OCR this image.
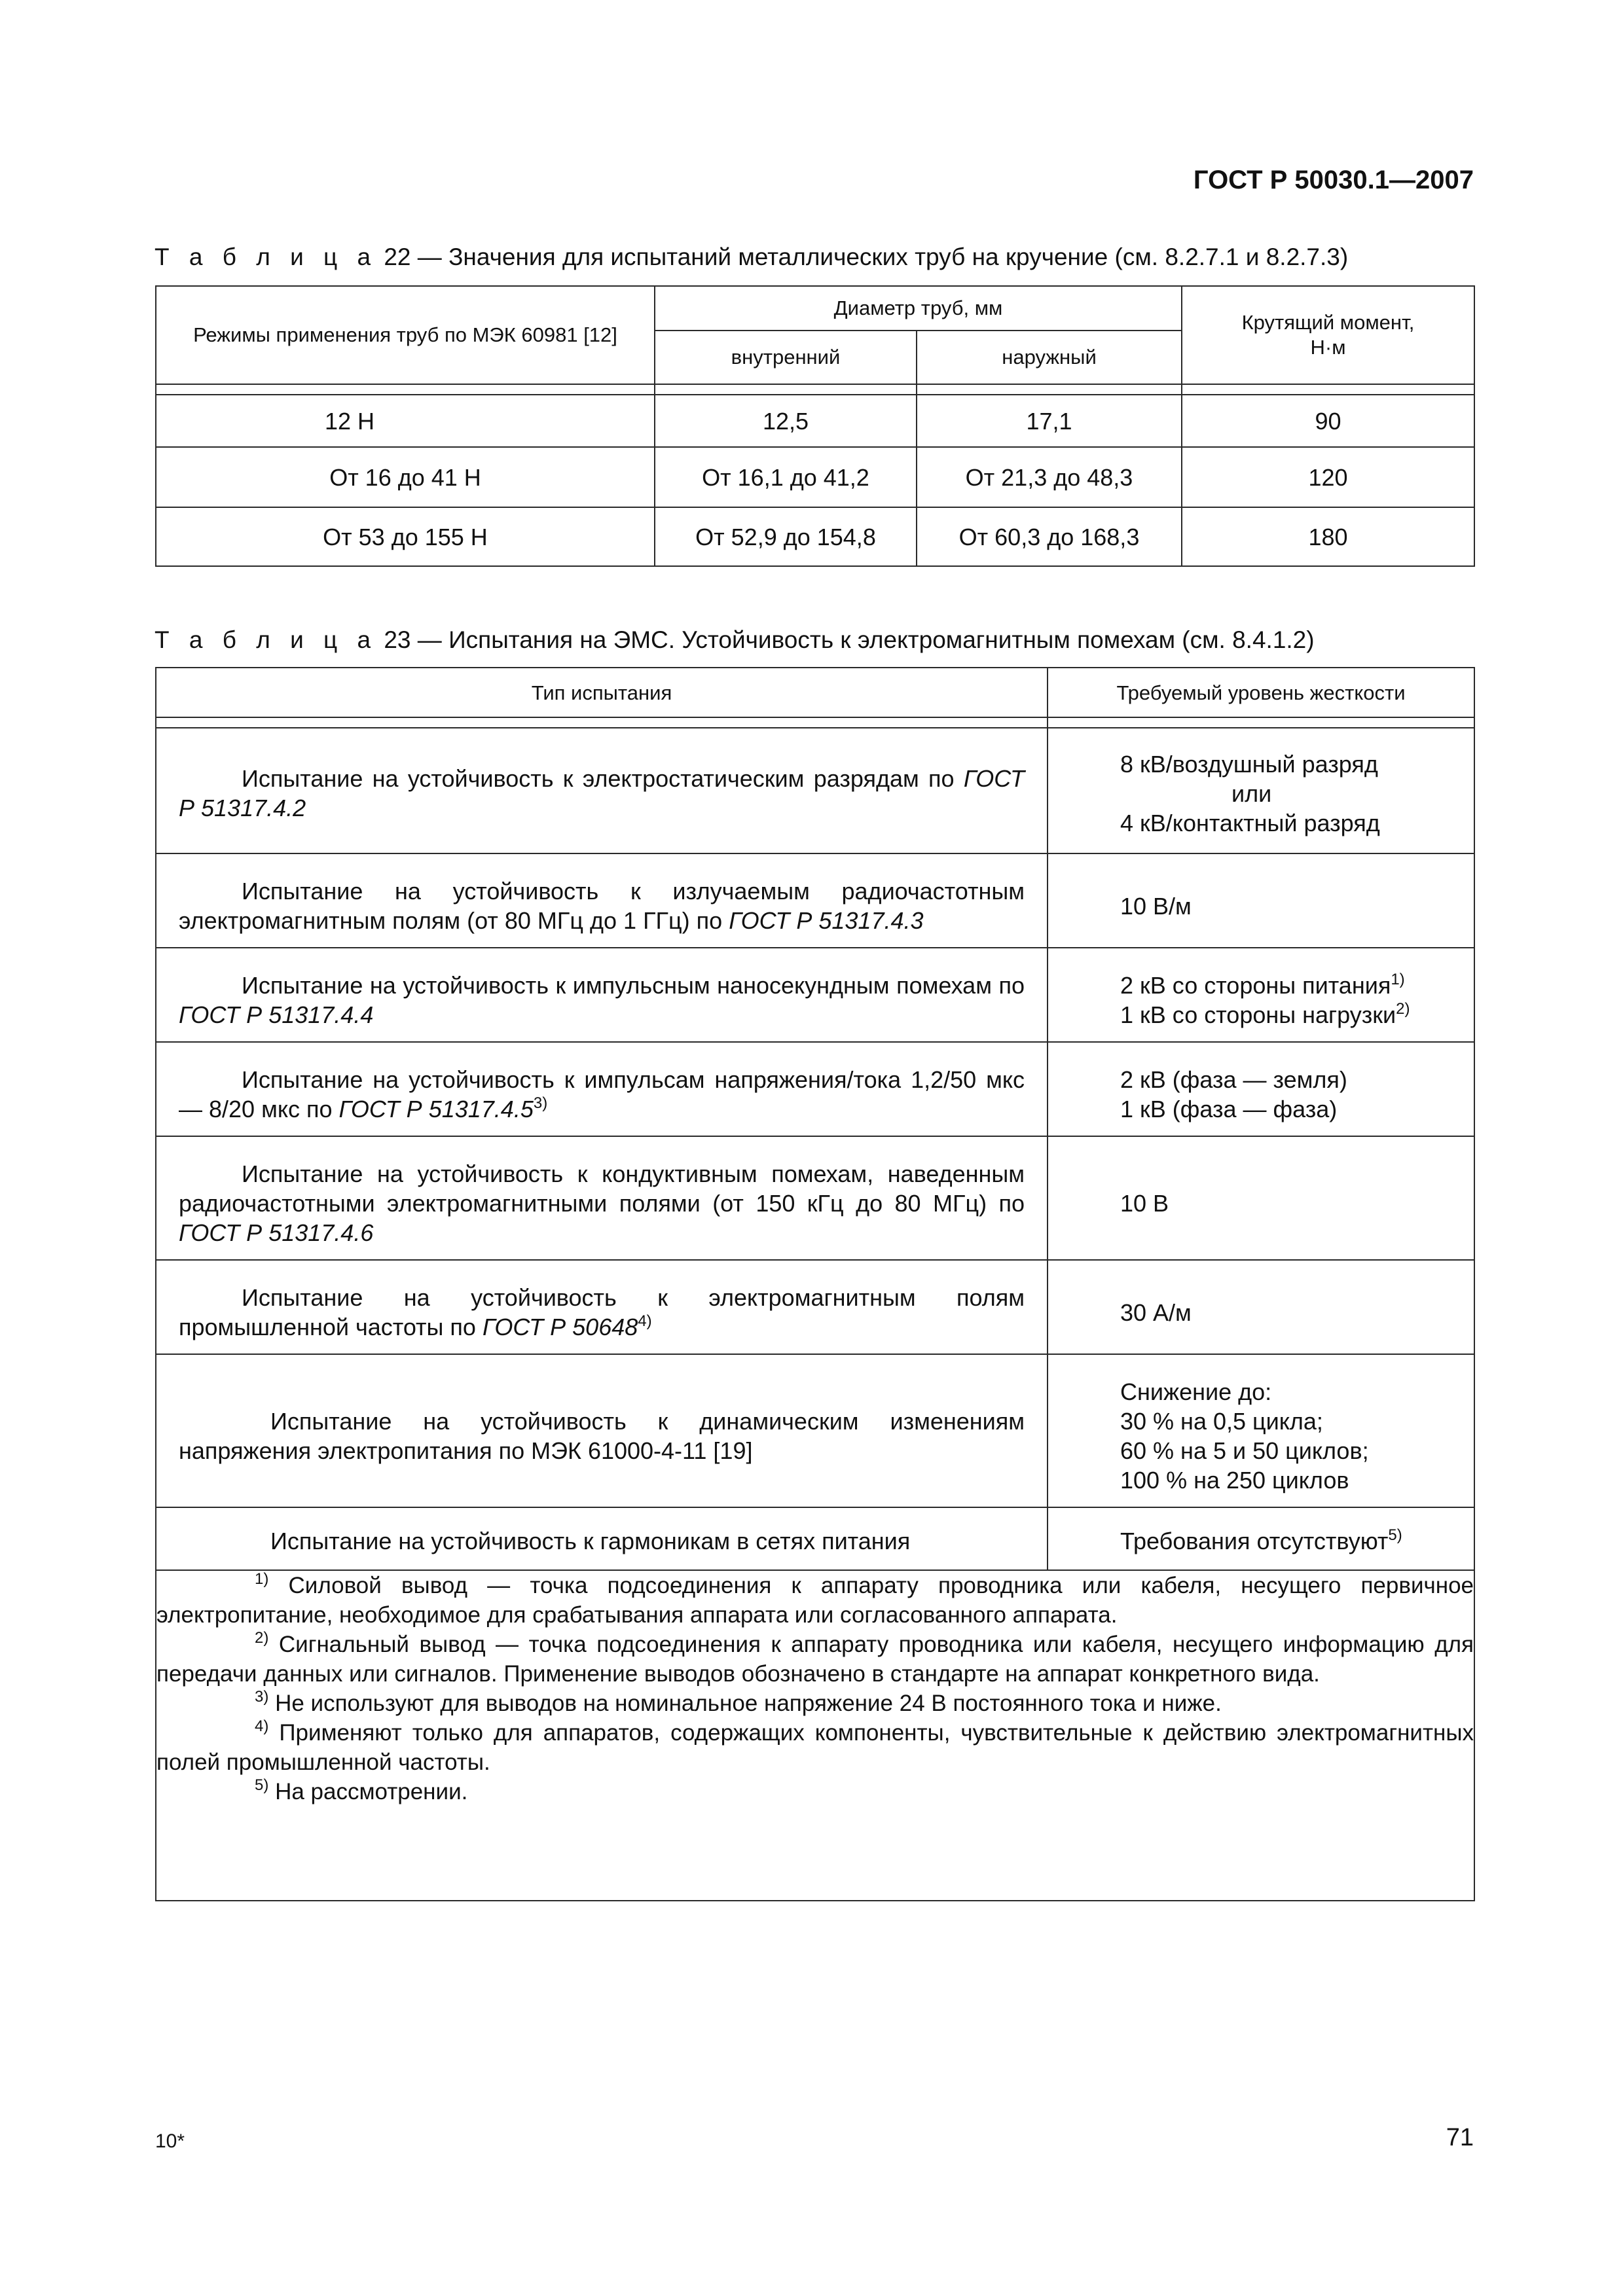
ГОСТ Р 50030.1—2007
Т а б л и ц а 22 — Значения для испытаний металлических труб на кручение (см. 8.2.7.1 и 8.2.7.3)
Режимы применения труб по МЭК 60981 [12]	Диаметр труб, мм		Крутящий момент,
Н·м

	внутренний	наружный	

12 Н	12,5	17,1	90
От 16 до 41 Н	От 16,1 до 41,2	От 21,3 до 48,3	120
От 53 до 155 Н	От 52,9 до 154,8	От 60,3 до 168,3	180
Т а б л и ц а 23 — Испытания на ЭМС. Устойчивость к электромагнитным помехам (см. 8.4.1.2)
Тип испытания	Требуемый уровень жесткости

Испытание на устойчивость к электростатическим разрядам по ГОСТ Р 51317.4.2	8 кВ/воздушный разряд
или
4 кВ/контактный разряд

Испытание на устойчивость к излучаемым радиочастотным электромагнитным полям (от 80 МГц до 1 ГГц) по ГОСТ Р 51317.4.3	10 В/м

Испытание на устойчивость к импульсным наносекундным помехам по ГОСТ Р 51317.4.4	2 кВ со стороны питания$^{1)}$
1 кВ со стороны нагрузки$^{2)}$

Испытание на устойчивость к импульсам напряжения/тока 1,2/50 мкс — 8/20 мкс по ГОСТ Р 51317.4.5$^{3)}$	2 кВ (фаза — земля)
1 кВ (фаза — фаза)

Испытание на устойчивость к кондуктивным помехам, наведенным радиочастотными электромагнитными полями (от 150 кГц до 80 МГц) по ГОСТ Р 51317.4.6	10 В

Испытание на устойчивость к электромагнитным полям промышленной частоты по ГОСТ Р 50648$^{4)}$	30 А/м

Испытание на устойчивость к динамическим изменениям напряжения электропитания по МЭК 61000-4-11 [19]	Снижение до:
30 % на 0,5 цикла;
60 % на 5 и 50 циклов;
100 % на 250 циклов

Испытание на устойчивость к гармоникам в сетях питания	Требования отсутствуют$^{5)}$

$^{1)}$ Силовой вывод — точка подсоединения к аппарату проводника или кабеля, несущего первичное электропитание, необходимое для срабатывания аппарата или согласованного аппарата.
$^{2)}$ Сигнальный вывод — точка подсоединения к аппарату проводника или кабеля, несущего информацию для передачи данных или сигналов. Применение выводов обозначено в стандарте на аппарат конкретного вида.
$^{3)}$ Не используют для выводов на номинальное напряжение 24 В постоянного тока и ниже.
$^{4)}$ Применяют только для аппаратов, содержащих компоненты, чувствительные к действию электромагнитных полей промышленной частоты.
$^{5)}$ На рассмотрении.	
10*	71
